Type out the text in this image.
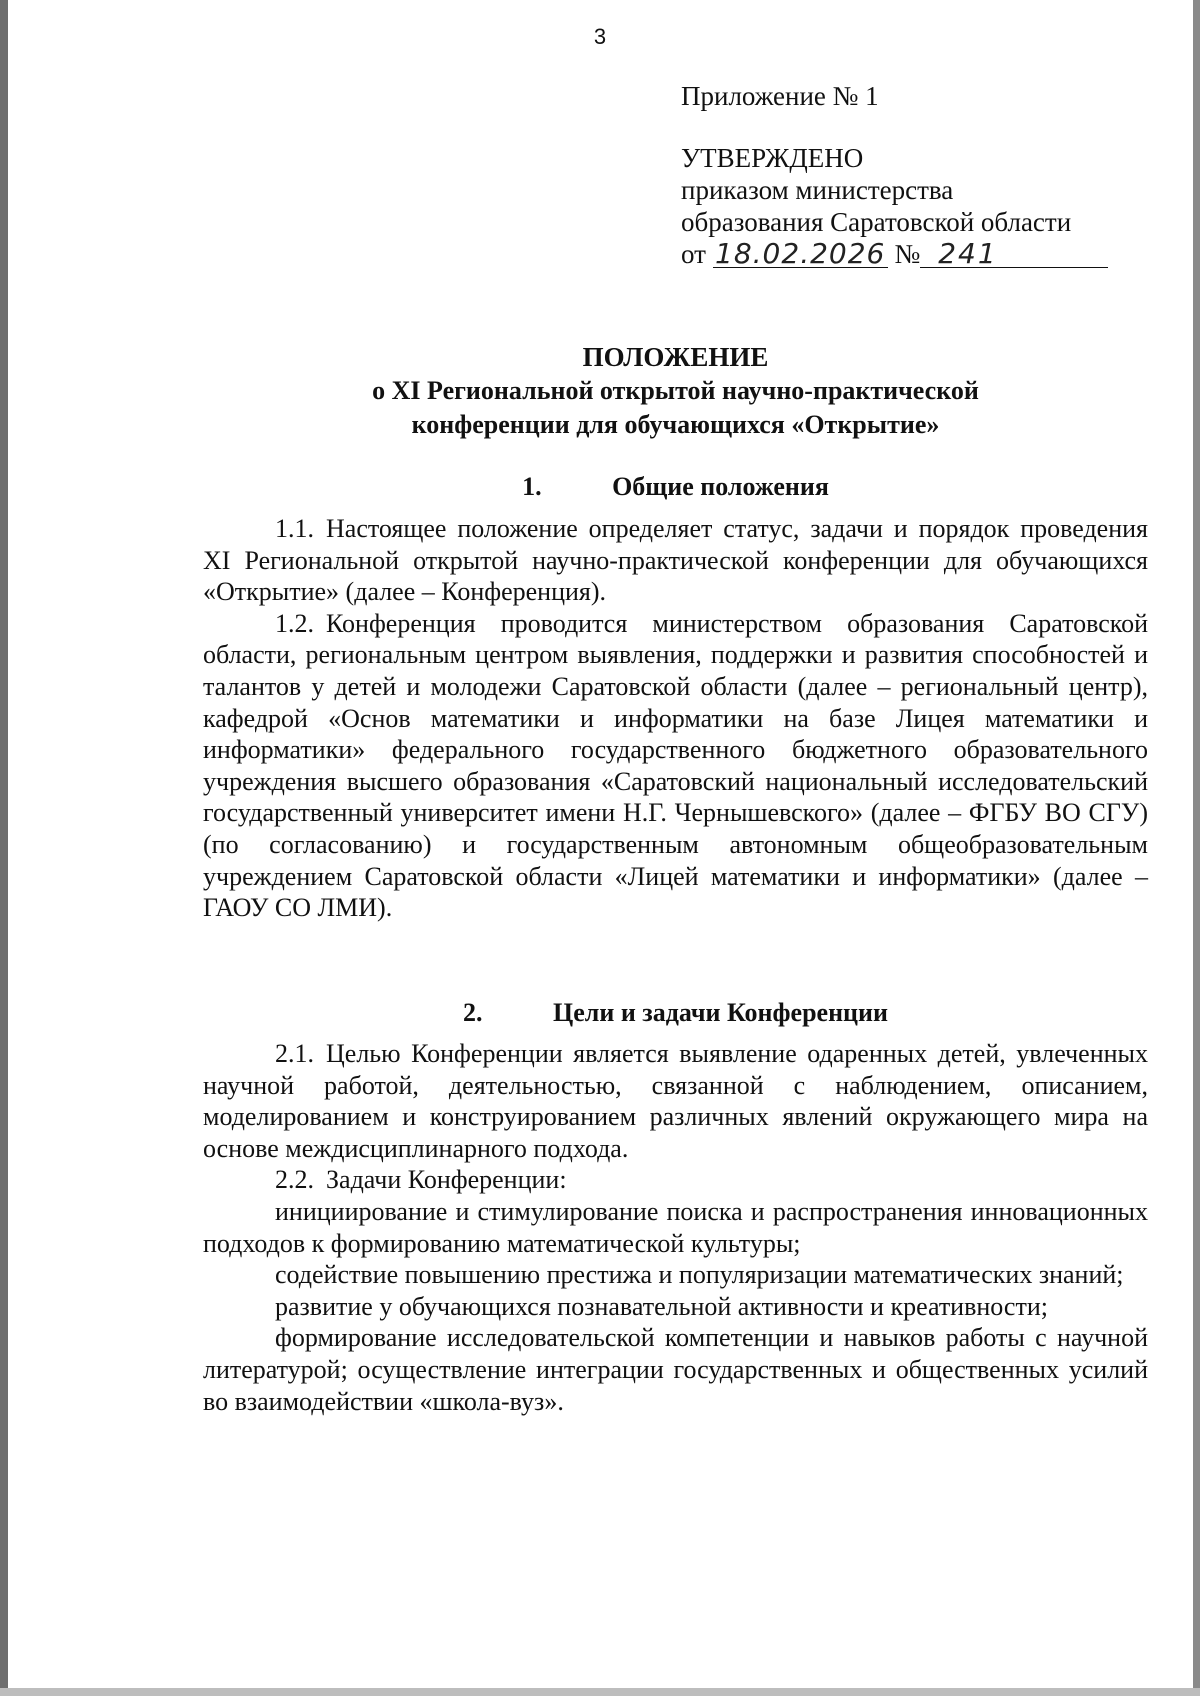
3
Приложение № 1
УТВЕРЖДЕНО
приказом министерства
образования Саратовской области
от 18.02.2026 № 241
ПОЛОЖЕНИЕ
о XI Региональной открытой научно-практической
конференции для обучающихся «Открытие»
1.	Общие положения

1.1. Настоящее положение определяет статус, задачи и порядок проведения XI Региональной открытой научно-практической конференции для обучающихся «Открытие» (далее – Конференция).

1.2. Конференция проводится министерством образования Саратовской области, региональным центром выявления, поддержки и развития способностей и талантов у детей и молодежи Саратовской области (далее – региональный центр), кафедрой «Основ математики и информатики на базе Лицея математики и информатики» федерального государственного бюджетного образовательного учреждения высшего образования «Саратовский национальный исследовательский государственный университет имени Н.Г. Чернышевского» (далее – ФГБУ ВО СГУ) (по согласованию) и государственным автономным общеобразовательным учреждением Саратовской области «Лицей математики и информатики» (далее – ГАОУ СО ЛМИ).

2.	Цели и задачи Конференции

2.1. Целью Конференции является выявление одаренных детей, увлеченных научной работой, деятельностью, связанной с наблюдением, описанием, моделированием и конструированием различных явлений окружающего мира на основе междисциплинарного подхода.

2.2. Задачи Конференции:

инициирование и стимулирование поиска и распространения инновационных подходов к формированию математической культуры;

содействие повышению престижа и популяризации математических знаний;

развитие у обучающихся познавательной активности и креативности;

формирование исследовательской компетенции и навыков работы с научной литературой; осуществление интеграции государственных и общественных усилий во взаимодействии «школа-вуз».
